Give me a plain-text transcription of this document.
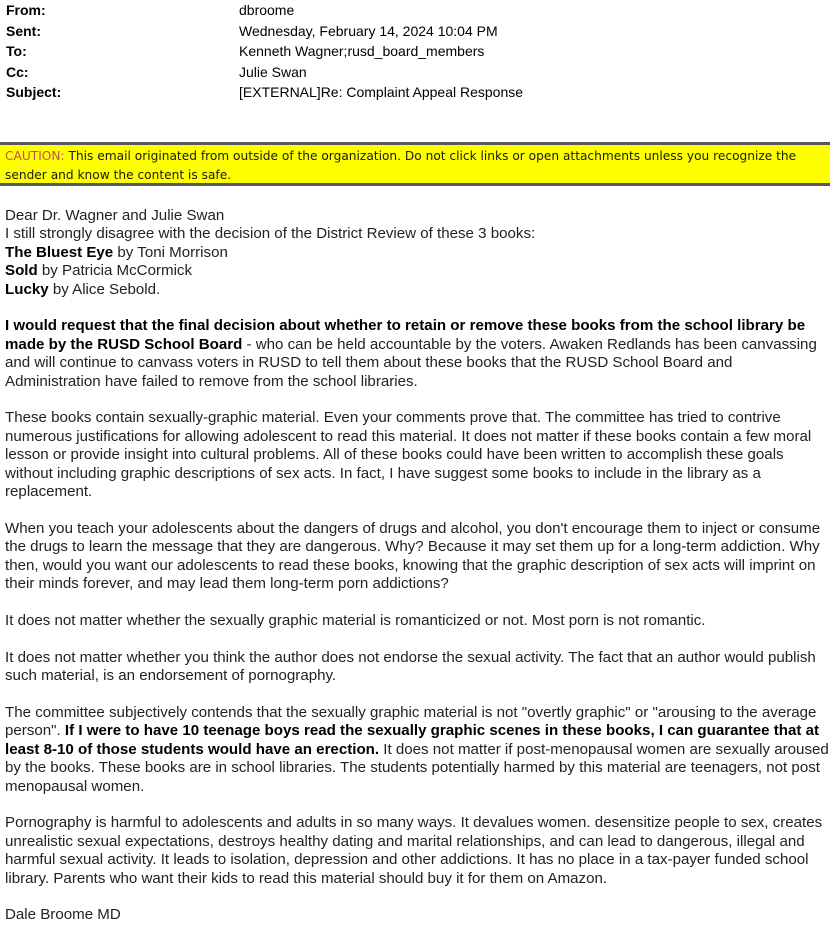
From:	dbroome
Sent:	Wednesday, February 14, 2024 10:04 PM
To:	Kenneth Wagner;rusd_board_members
Cc:	Julie Swan
Subject:	[EXTERNAL]Re: Complaint Appeal Response
CAUTION: This email originated from outside of the organization. Do not click links or open attachments unless you recognize the sender and know the content is safe.

Dear Dr. Wagner and Julie Swan

I still strongly disagree with the decision of the District Review of these 3 books:

The Bluest Eye by Toni Morrison

Sold by Patricia McCormick

Lucky by Alice Sebold.

I would request that the final decision about whether to retain or remove these books from the school library be made by the RUSD School Board - who can be held accountable by the voters. Awaken Redlands has been canvassing and will continue to canvass voters in RUSD to tell them about these books that the RUSD School Board and Administration have failed to remove from the school libraries.

These books contain sexually-graphic material. Even your comments prove that. The committee has tried to contrive numerous justifications for allowing adolescent to read this material. It does not matter if these books contain a few moral lesson or provide insight into cultural problems. All of these books could have been written to accomplish these goals without including graphic descriptions of sex acts. In fact, I have suggest some books to include in the library as a replacement.

When you teach your adolescents about the dangers of drugs and alcohol, you don't encourage them to inject or consume the drugs to learn the message that they are dangerous. Why? Because it may set them up for a long-term addiction. Why then, would you want our adolescents to read these books, knowing that the graphic description of sex acts will imprint on their minds forever, and may lead them long-term porn addictions?

It does not matter whether the sexually graphic material is romanticized or not. Most porn is not romantic.

It does not matter whether you think the author does not endorse the sexual activity. The fact that an author would publish such material, is an endorsement of pornography.

The committee subjectively contends that the sexually graphic material is not "overtly graphic" or "arousing to the average person". If I were to have 10 teenage boys read the sexually graphic scenes in these books, I can guarantee that at least 8-10 of those students would have an erection. It does not matter if post-menopausal women are sexually aroused by the books. These books are in school libraries. The students potentially harmed by this material are teenagers, not post menopausal women.

Pornography is harmful to adolescents and adults in so many ways. It devalues women. desensitize people to sex, creates unrealistic sexual expectations, destroys healthy dating and marital relationships, and can lead to dangerous, illegal and harmful sexual activity. It leads to isolation, depression and other addictions. It has no place in a tax-payer funded school library. Parents who want their kids to read this material should buy it for them on Amazon.

Dale Broome MD
